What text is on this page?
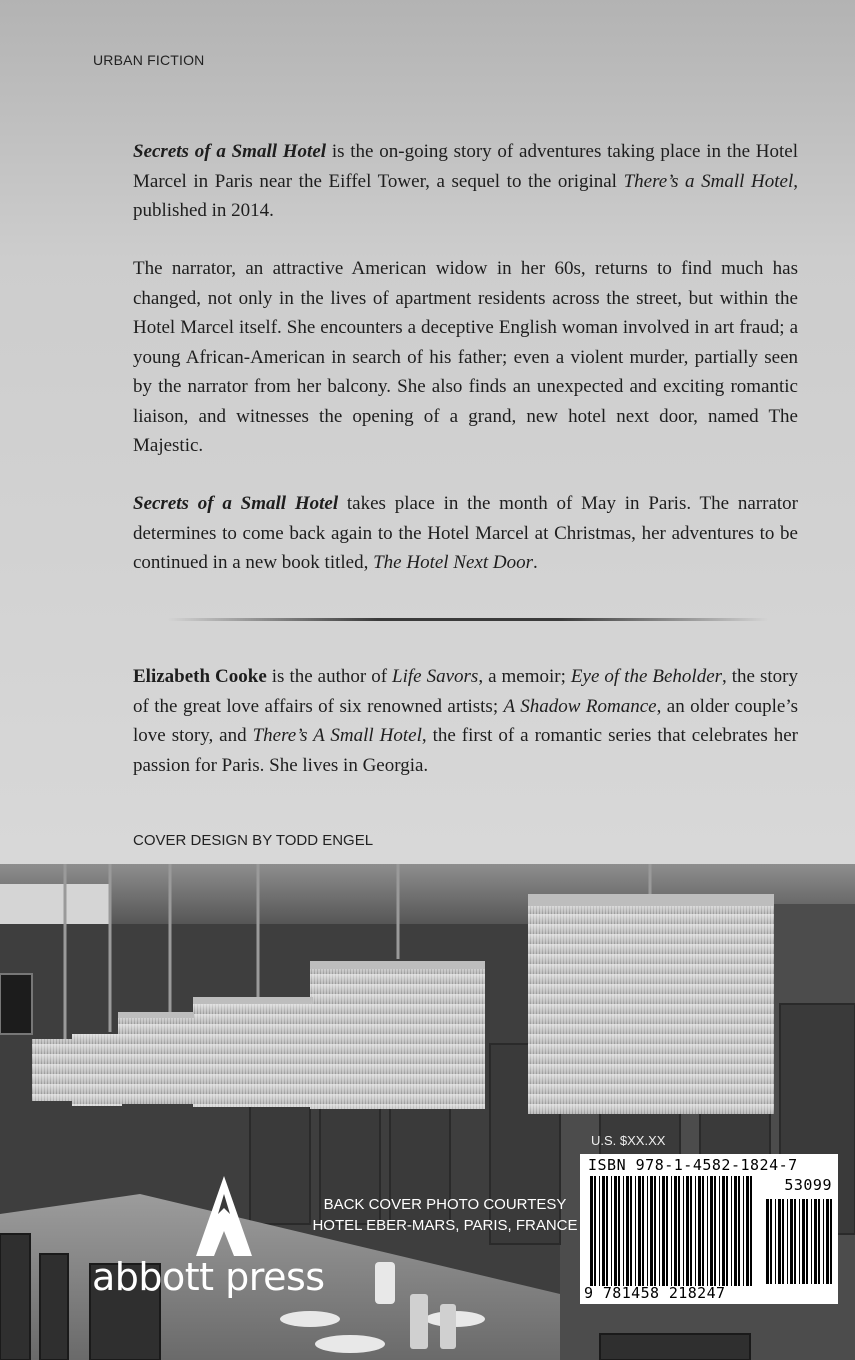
URBAN FICTION

Secrets of a Small Hotel is the on-going story of adventures taking place in the Hotel Marcel in Paris near the Eiffel Tower, a sequel to the original There’s a Small Hotel, published in 2014.

The narrator, an attractive American widow in her 60s, returns to find much has changed, not only in the lives of apartment residents across the street, but within the Hotel Marcel itself. She encounters a deceptive English woman involved in art fraud; a young African-American in search of his father; even a violent murder, partially seen by the narrator from her balcony. She also finds an unexpected and exciting romantic liaison, and witnesses the opening of a grand, new hotel next door, named The Majestic.

Secrets of a Small Hotel takes place in the month of May in Paris. The narrator determines to come back again to the Hotel Marcel at Christmas, her adventures to be continued in a new book titled, The Hotel Next Door.

Elizabeth Cooke is the author of Life Savors, a memoir; Eye of the Beholder, the story of the great love affairs of six renowned artists; A Shadow Romance, an older couple’s love story, and There’s A Small Hotel, the first of a romantic series that celebrates her passion for Paris. She lives in Georgia.

COVER DESIGN BY TODD ENGEL
abbott press
BACK COVER PHOTO COURTESY
HOTEL EBER-MARS, PARIS, FRANCE
U.S. $XX.XX
ISBN 978-1-4582-1824-7
53099
9 781458 218247
